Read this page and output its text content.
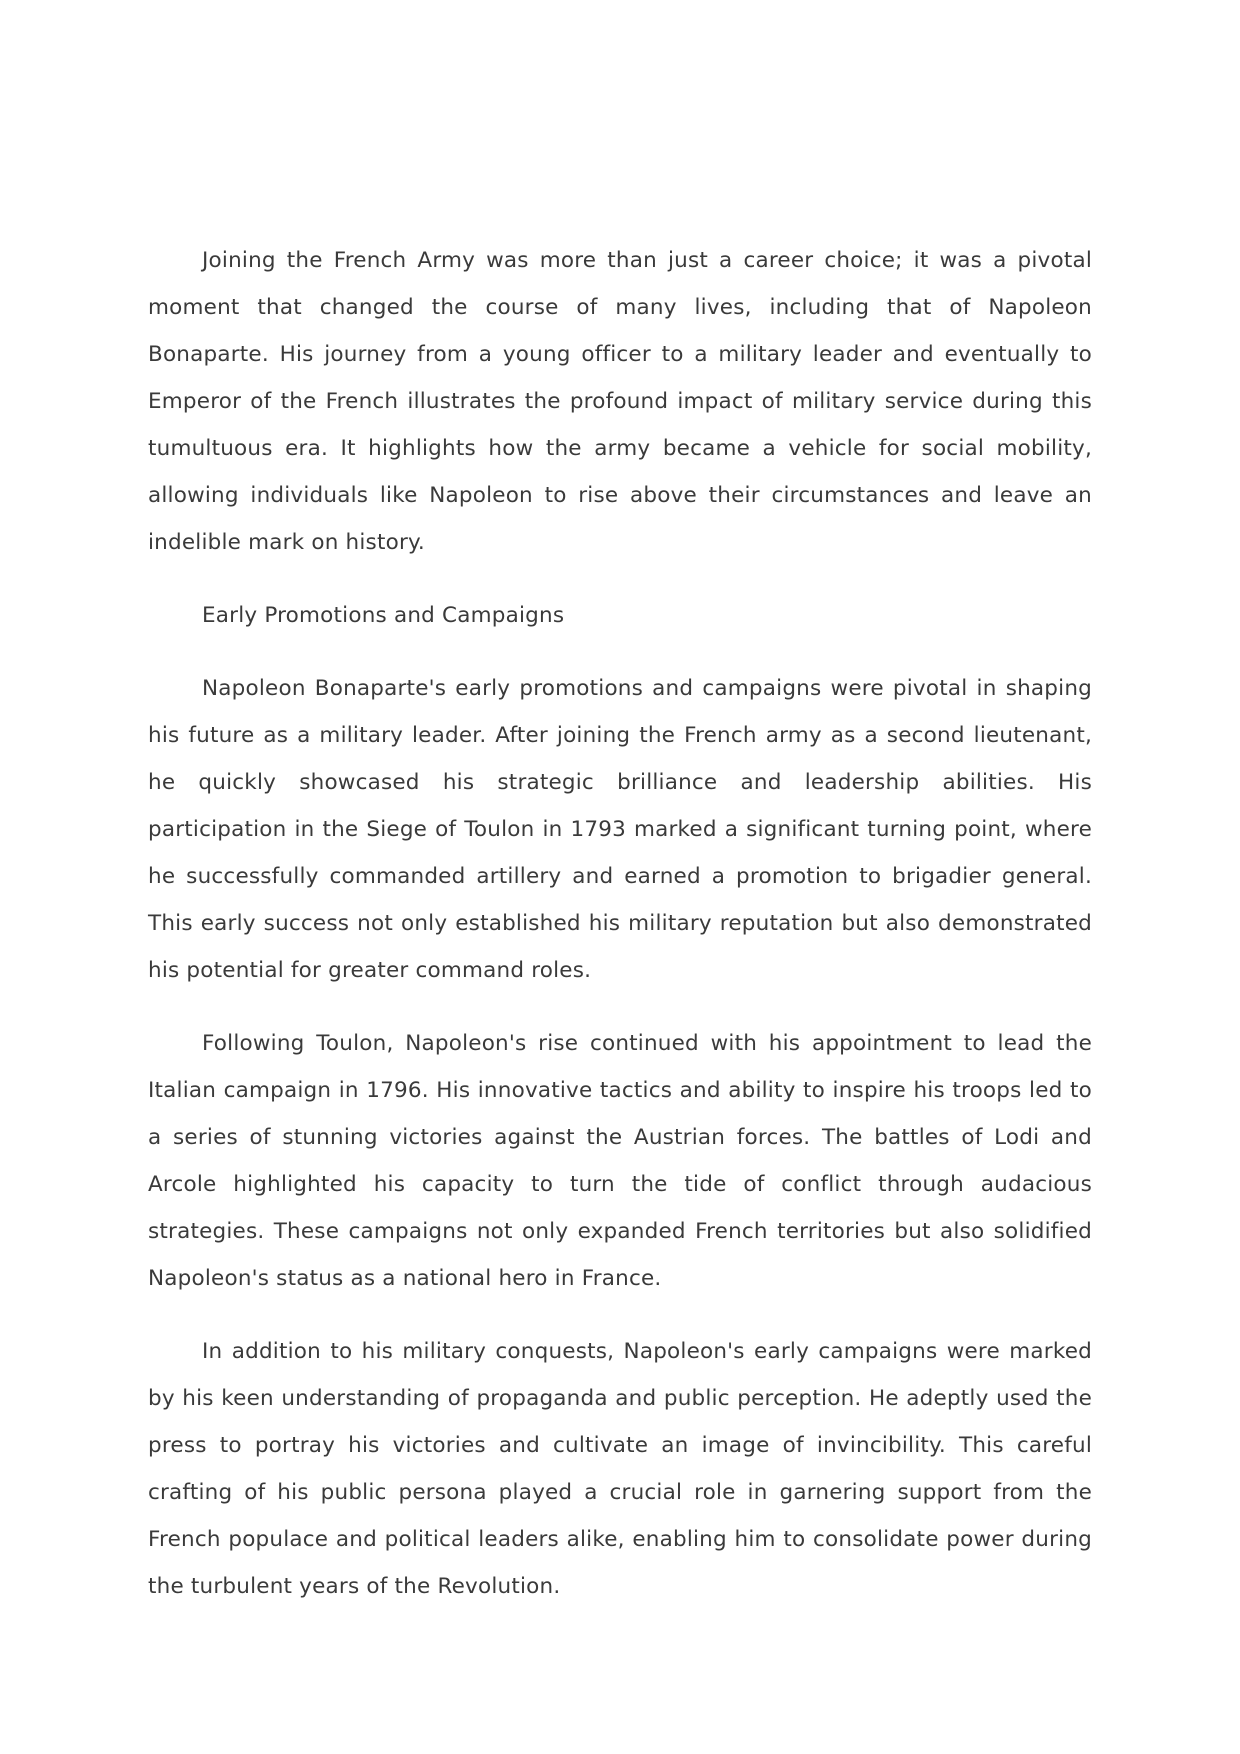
Joining the French Army was more than just a career choice; it was a pivotal moment that changed the course of many lives, including that of Napoleon Bonaparte. His journey from a young officer to a military leader and eventually to Emperor of the French illustrates the profound impact of military service during this tumultuous era. It highlights how the army became a vehicle for social mobility, allowing individuals like Napoleon to rise above their circumstances and leave an indelible mark on history.

Early Promotions and Campaigns

Napoleon Bonaparte's early promotions and campaigns were pivotal in shaping his future as a military leader. After joining the French army as a second lieutenant, he quickly showcased his strategic brilliance and leadership abilities. His participation in the Siege of Toulon in 1793 marked a significant turning point, where he successfully commanded artillery and earned a promotion to brigadier general. This early success not only established his military reputation but also demonstrated his potential for greater command roles.

Following Toulon, Napoleon's rise continued with his appointment to lead the Italian campaign in 1796. His innovative tactics and ability to inspire his troops led to a series of stunning victories against the Austrian forces. The battles of Lodi and Arcole highlighted his capacity to turn the tide of conflict through audacious strategies. These campaigns not only expanded French territories but also solidified Napoleon's status as a national hero in France.

In addition to his military conquests, Napoleon's early campaigns were marked by his keen understanding of propaganda and public perception. He adeptly used the press to portray his victories and cultivate an image of invincibility. This careful crafting of his public persona played a crucial role in garnering support from the French populace and political leaders alike, enabling him to consolidate power during the turbulent years of the Revolution.
